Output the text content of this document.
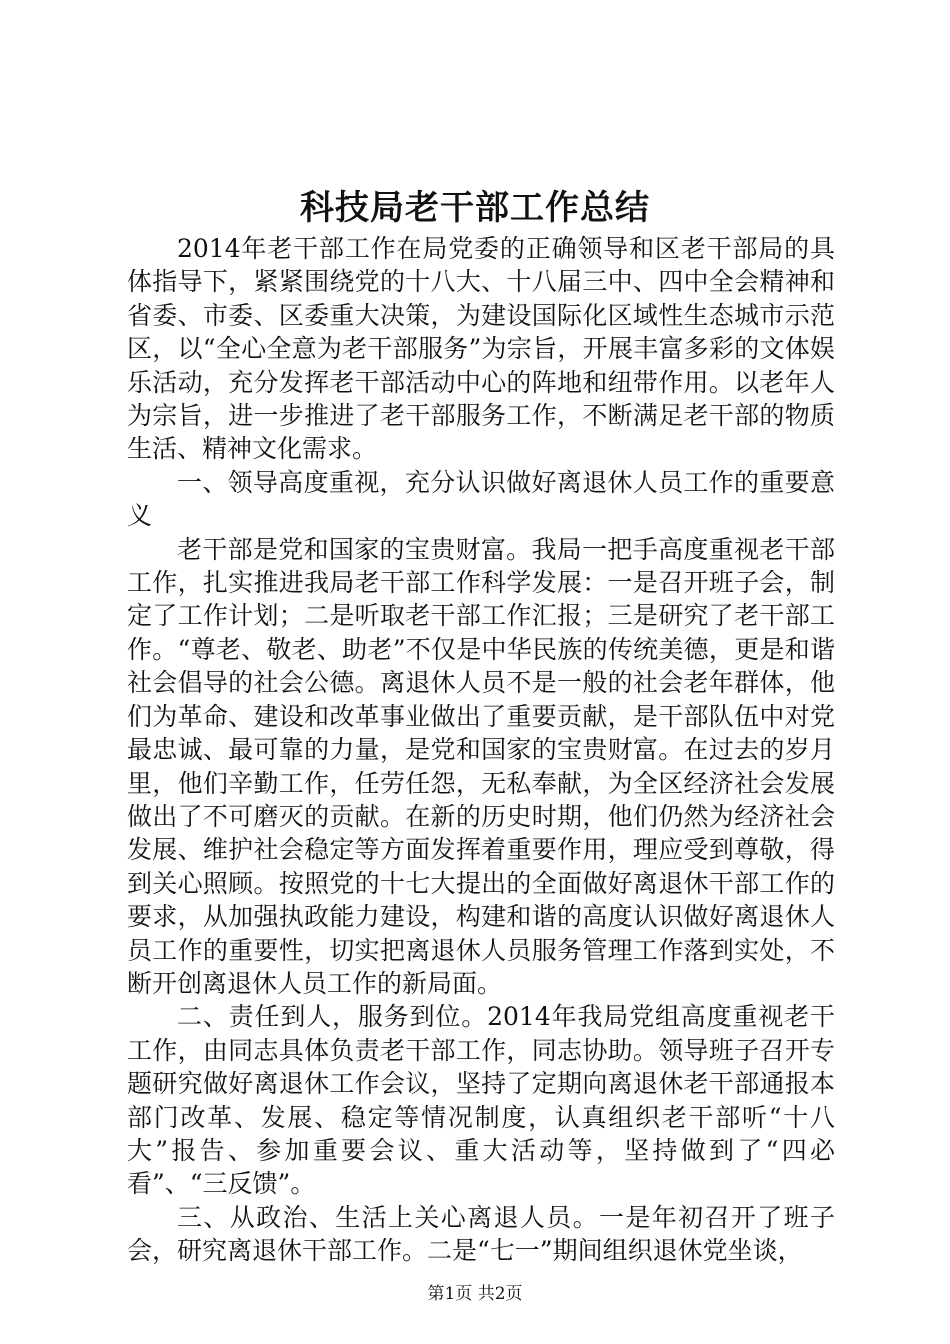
科技局老干部工作总结

2014年老干部工作在局党委的正确领导和区老干部局的具体指导下，紧紧围绕党的十八大、十八届三中、四中全会精神和省委、市委、区委重大决策，为建设国际化区域性生态城市示范区，以“全心全意为老干部服务”为宗旨，开展丰富多彩的文体娱乐活动，充分发挥老干部活动中心的阵地和纽带作用。以老年人为宗旨，进一步推进了老干部服务工作，不断满足老干部的物质生活、精神文化需求。

一、领导高度重视，充分认识做好离退休人员工作的重要意义

老干部是党和国家的宝贵财富。我局一把手高度重视老干部工作，扎实推进我局老干部工作科学发展：一是召开班子会，制定了工作计划；二是听取老干部工作汇报；三是研究了老干部工作。“尊老、敬老、助老”不仅是中华民族的传统美德，更是和谐社会倡导的社会公德。离退休人员不是一般的社会老年群体，他们为革命、建设和改革事业做出了重要贡献，是干部队伍中对党最忠诚、最可靠的力量，是党和国家的宝贵财富。在过去的岁月里，他们辛勤工作，任劳任怨，无私奉献，为全区经济社会发展做出了不可磨灭的贡献。在新的历史时期，他们仍然为经济社会发展、维护社会稳定等方面发挥着重要作用，理应受到尊敬，得到关心照顾。按照党的十七大提出的全面做好离退休干部工作的要求，从加强执政能力建设，构建和谐的高度认识做好离退休人员工作的重要性，切实把离退休人员服务管理工作落到实处，不断开创离退休人员工作的新局面。

二、责任到人，服务到位。2014年我局党组高度重视老干工作，由同志具体负责老干部工作，同志协助。领导班子召开专题研究做好离退休工作会议，坚持了定期向离退休老干部通报本部门改革、发展、稳定等情况制度，认真组织老干部听“十八大”报告、参加重要会议、重大活动等，坚持做到了“四必看”、“三反馈”。

三、从政治、生活上关心离退人员。一是年初召开了班子会，研究离退休干部工作。二是“七一”期间组织退休党坐谈，

第1页 共2页
